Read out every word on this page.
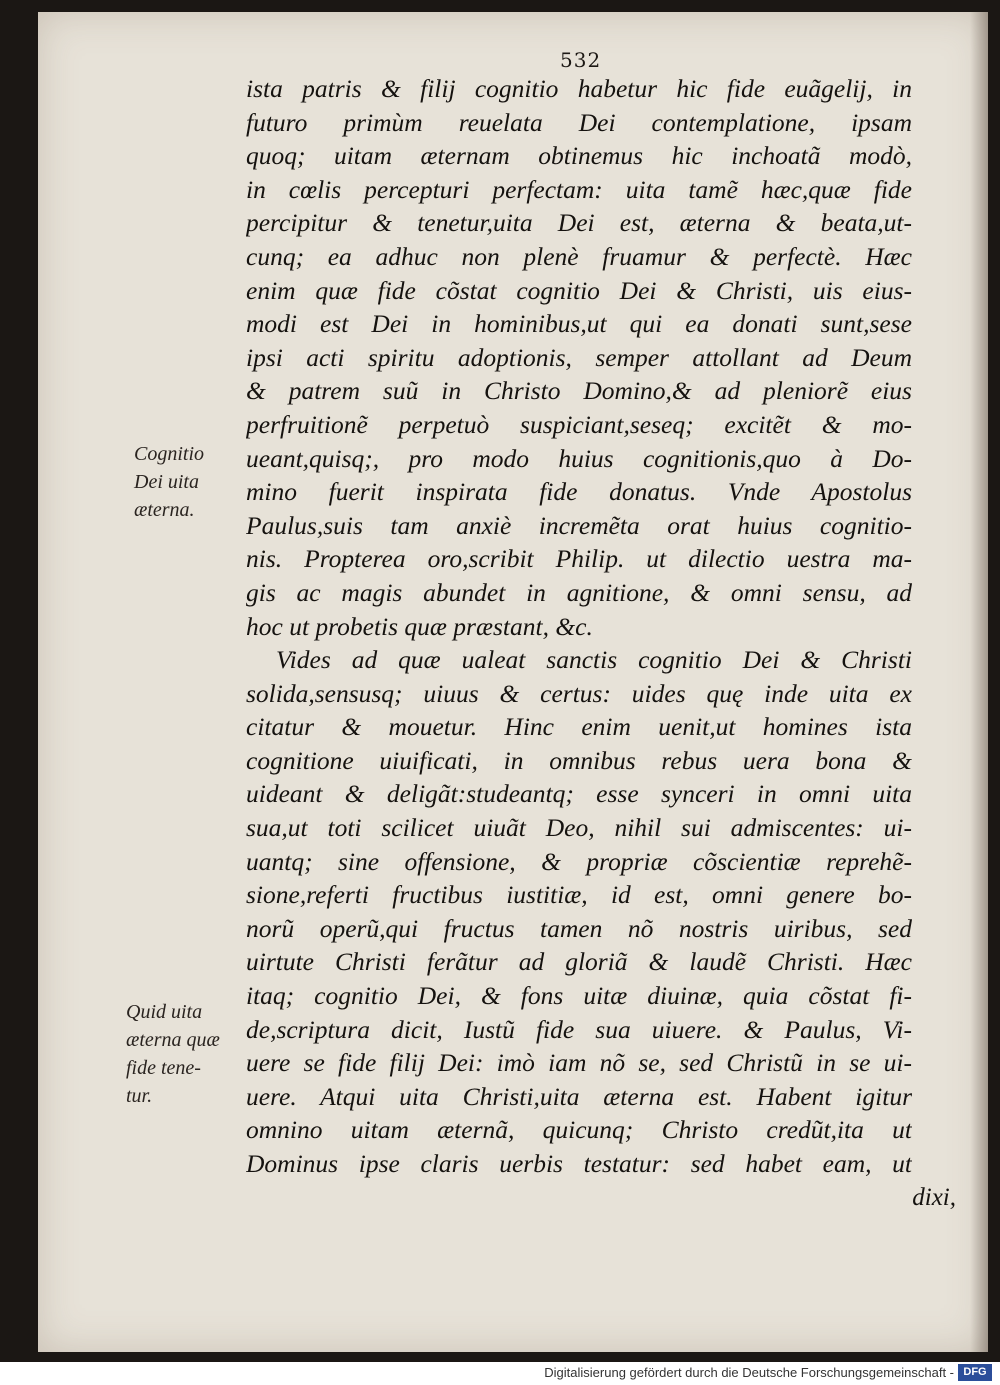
532
ista patris & filij cognitio habetur hic fide euãgelij, in
futuro primùm reuelata Dei contemplatione, ipsam
quoq; uitam æternam obtinemus hic inchoatã modò,
in cœlis percepturi perfectam: uita tamẽ hæc,quæ fide
percipitur & tenetur,uita Dei est, æterna & beata,ut-
cunq; ea adhuc non plenè fruamur & perfectè. Hæc
enim quæ fide cõstat cognitio Dei & Christi, uis eius-
modi est Dei in hominibus,ut qui ea donati sunt,sese
ipsi acti spiritu adoptionis, semper attollant ad Deum
& patrem suũ in Christo Domino,& ad pleniorẽ eius
perfruitionẽ perpetuò suspiciant,seseq; excitẽt & mo-
ueant,quisq;, pro modo huius cognitionis,quo à Do-
mino fuerit inspirata fide donatus. Vnde Apostolus
Paulus,suis tam anxiè incremẽta orat huius cognitio-
nis. Propterea oro,scribit Philip. ut dilectio uestra ma-
gis ac magis abundet in agnitione, & omni sensu, ad
hoc ut probetis quæ præstant, &c.
Vides ad quæ ualeat sanctis cognitio Dei & Christi
solida,sensusq; uiuus & certus: uides quę inde uita ex
citatur & mouetur. Hinc enim uenit,ut homines ista
cognitione uiuificati, in omnibus rebus uera bona &
uideant & deligãt:studeantq; esse synceri in omni uita
sua,ut toti scilicet uiuãt Deo, nihil sui admiscentes: ui-
uantq; sine offensione, & propriæ cõscientiæ reprehẽ-
sione,referti fructibus iustitiæ, id est, omni genere bo-
norũ operũ,qui fructus tamen nõ nostris uiribus, sed
uirtute Christi ferãtur ad gloriã & laudẽ Christi. Hæc
itaq; cognitio Dei, & fons uitæ diuinæ, quia cõstat fi-
de,scriptura dicit, Iustũ fide sua uiuere. & Paulus, Vi-
uere se fide filij Dei: imò iam nõ se, sed Christũ in se ui-
uere. Atqui uita Christi,uita æterna est. Habent igitur
omnino uitam æternã, quicunq; Christo credũt,ita ut
Dominus ipse claris uerbis testatur: sed habet eam, ut
dixi,
Cognitio
Dei uita
æterna.
Quid uita
æterna quæ
fide tene-
tur.
Digitalisierung gefördert durch die Deutsche Forschungsgemeinschaft - DFG
